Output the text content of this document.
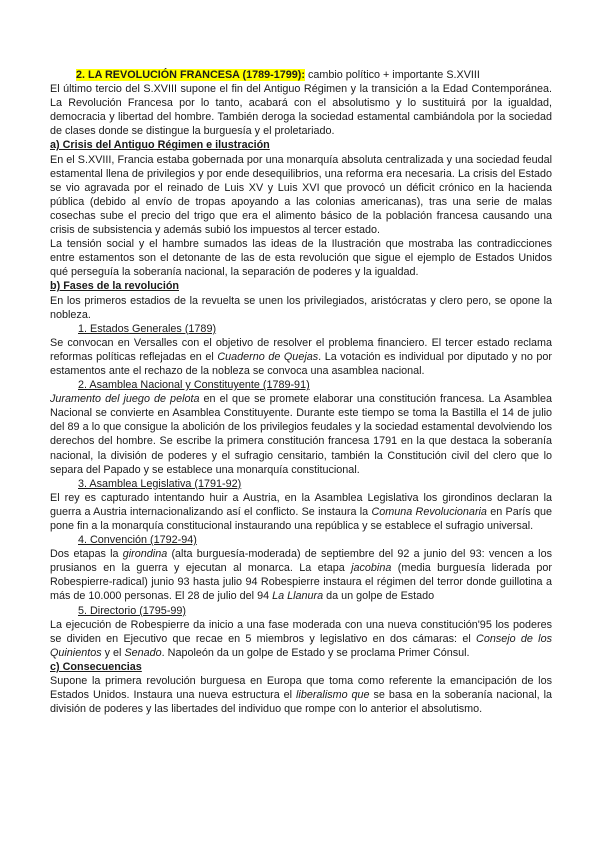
2. LA REVOLUCIÓN FRANCESA (1789-1799): cambio político + importante S.XVIII

El último tercio del S.XVIII supone el fin del Antiguo Régimen y la transición a la Edad Contemporánea. La Revolución Francesa por lo tanto, acabará con el absolutismo y lo sustituirá por la igualdad, democracia y libertad del hombre. También deroga la sociedad estamental cambiándola por la sociedad de clases donde se distingue la burguesía y el proletariado.

a) Crisis del Antiguo Régimen e ilustración

En el S.XVIII, Francia estaba gobernada por una monarquía absoluta centralizada y una sociedad feudal estamental llena de privilegios y por ende desequilibrios, una reforma era necesaria. La crisis del Estado se vio agravada por el reinado de Luis XV y Luis XVI que provocó un déficit crónico en la hacienda pública (debido al envío de tropas apoyando a las colonias americanas), tras una serie de malas cosechas sube el precio del trigo que era el alimento básico de la población francesa causando una crisis de subsistencia y además subió los impuestos al tercer estado.

La tensión social y el hambre sumados las ideas de la Ilustración que mostraba las contradicciones entre estamentos son el detonante de las de esta revolución que sigue el ejemplo de Estados Unidos qué perseguía la soberanía nacional, la separación de poderes y la igualdad.

b) Fases de la revolución

En los primeros estadios de la revuelta se unen los privilegiados, aristócratas y clero pero, se opone la nobleza.

1. Estados Generales (1789)

Se convocan en Versalles con el objetivo de resolver el problema financiero. El tercer estado reclama reformas políticas reflejadas en el Cuaderno de Quejas. La votación es individual por diputado y no por estamentos ante el rechazo de la nobleza se convoca una asamblea nacional.

2. Asamblea Nacional y Constituyente (1789-91)

Juramento del juego de pelota en el que se promete elaborar una constitución francesa. La Asamblea Nacional se convierte en Asamblea Constituyente. Durante este tiempo se toma la Bastilla el 14 de julio del 89 a lo que consigue la abolición de los privilegios feudales y la sociedad estamental devolviendo los derechos del hombre. Se escribe la primera constitución francesa 1791 en la que destaca la soberanía nacional, la división de poderes y el sufragio censitario, también la Constitución civil del clero que lo separa del Papado y se establece una monarquía constitucional.

3. Asamblea Legislativa (1791-92)

El rey es capturado intentando huir a Austria, en la Asamblea Legislativa los girondinos declaran la guerra a Austria internacionalizando así el conflicto. Se instaura la Comuna Revolucionaria en París que pone fin a la monarquía constitucional instaurando una república y se establece el sufragio universal.

4. Convención (1792-94)

Dos etapas la girondina (alta burguesía-moderada) de septiembre del 92 a junio del 93: vencen a los prusianos en la guerra y ejecutan al monarca. La etapa jacobina (media burguesía liderada por Robespierre-radical) junio 93 hasta julio 94 Robespierre instaura el régimen del terror donde guillotina a más de 10.000 personas. El 28 de julio del 94 La Llanura da un golpe de Estado

5. Directorio (1795-99)

La ejecución de Robespierre da inicio a una fase moderada con una nueva constitución'95 los poderes se dividen en Ejecutivo que recae en 5 miembros y legislativo en dos cámaras: el Consejo de los Quinientos y el Senado. Napoleón da un golpe de Estado y se proclama Primer Cónsul.

c) Consecuencias

Supone la primera revolución burguesa en Europa que toma como referente la emancipación de los Estados Unidos. Instaura una nueva estructura el liberalismo que se basa en la soberanía nacional, la división de poderes y las libertades del individuo que rompe con lo anterior el absolutismo.
